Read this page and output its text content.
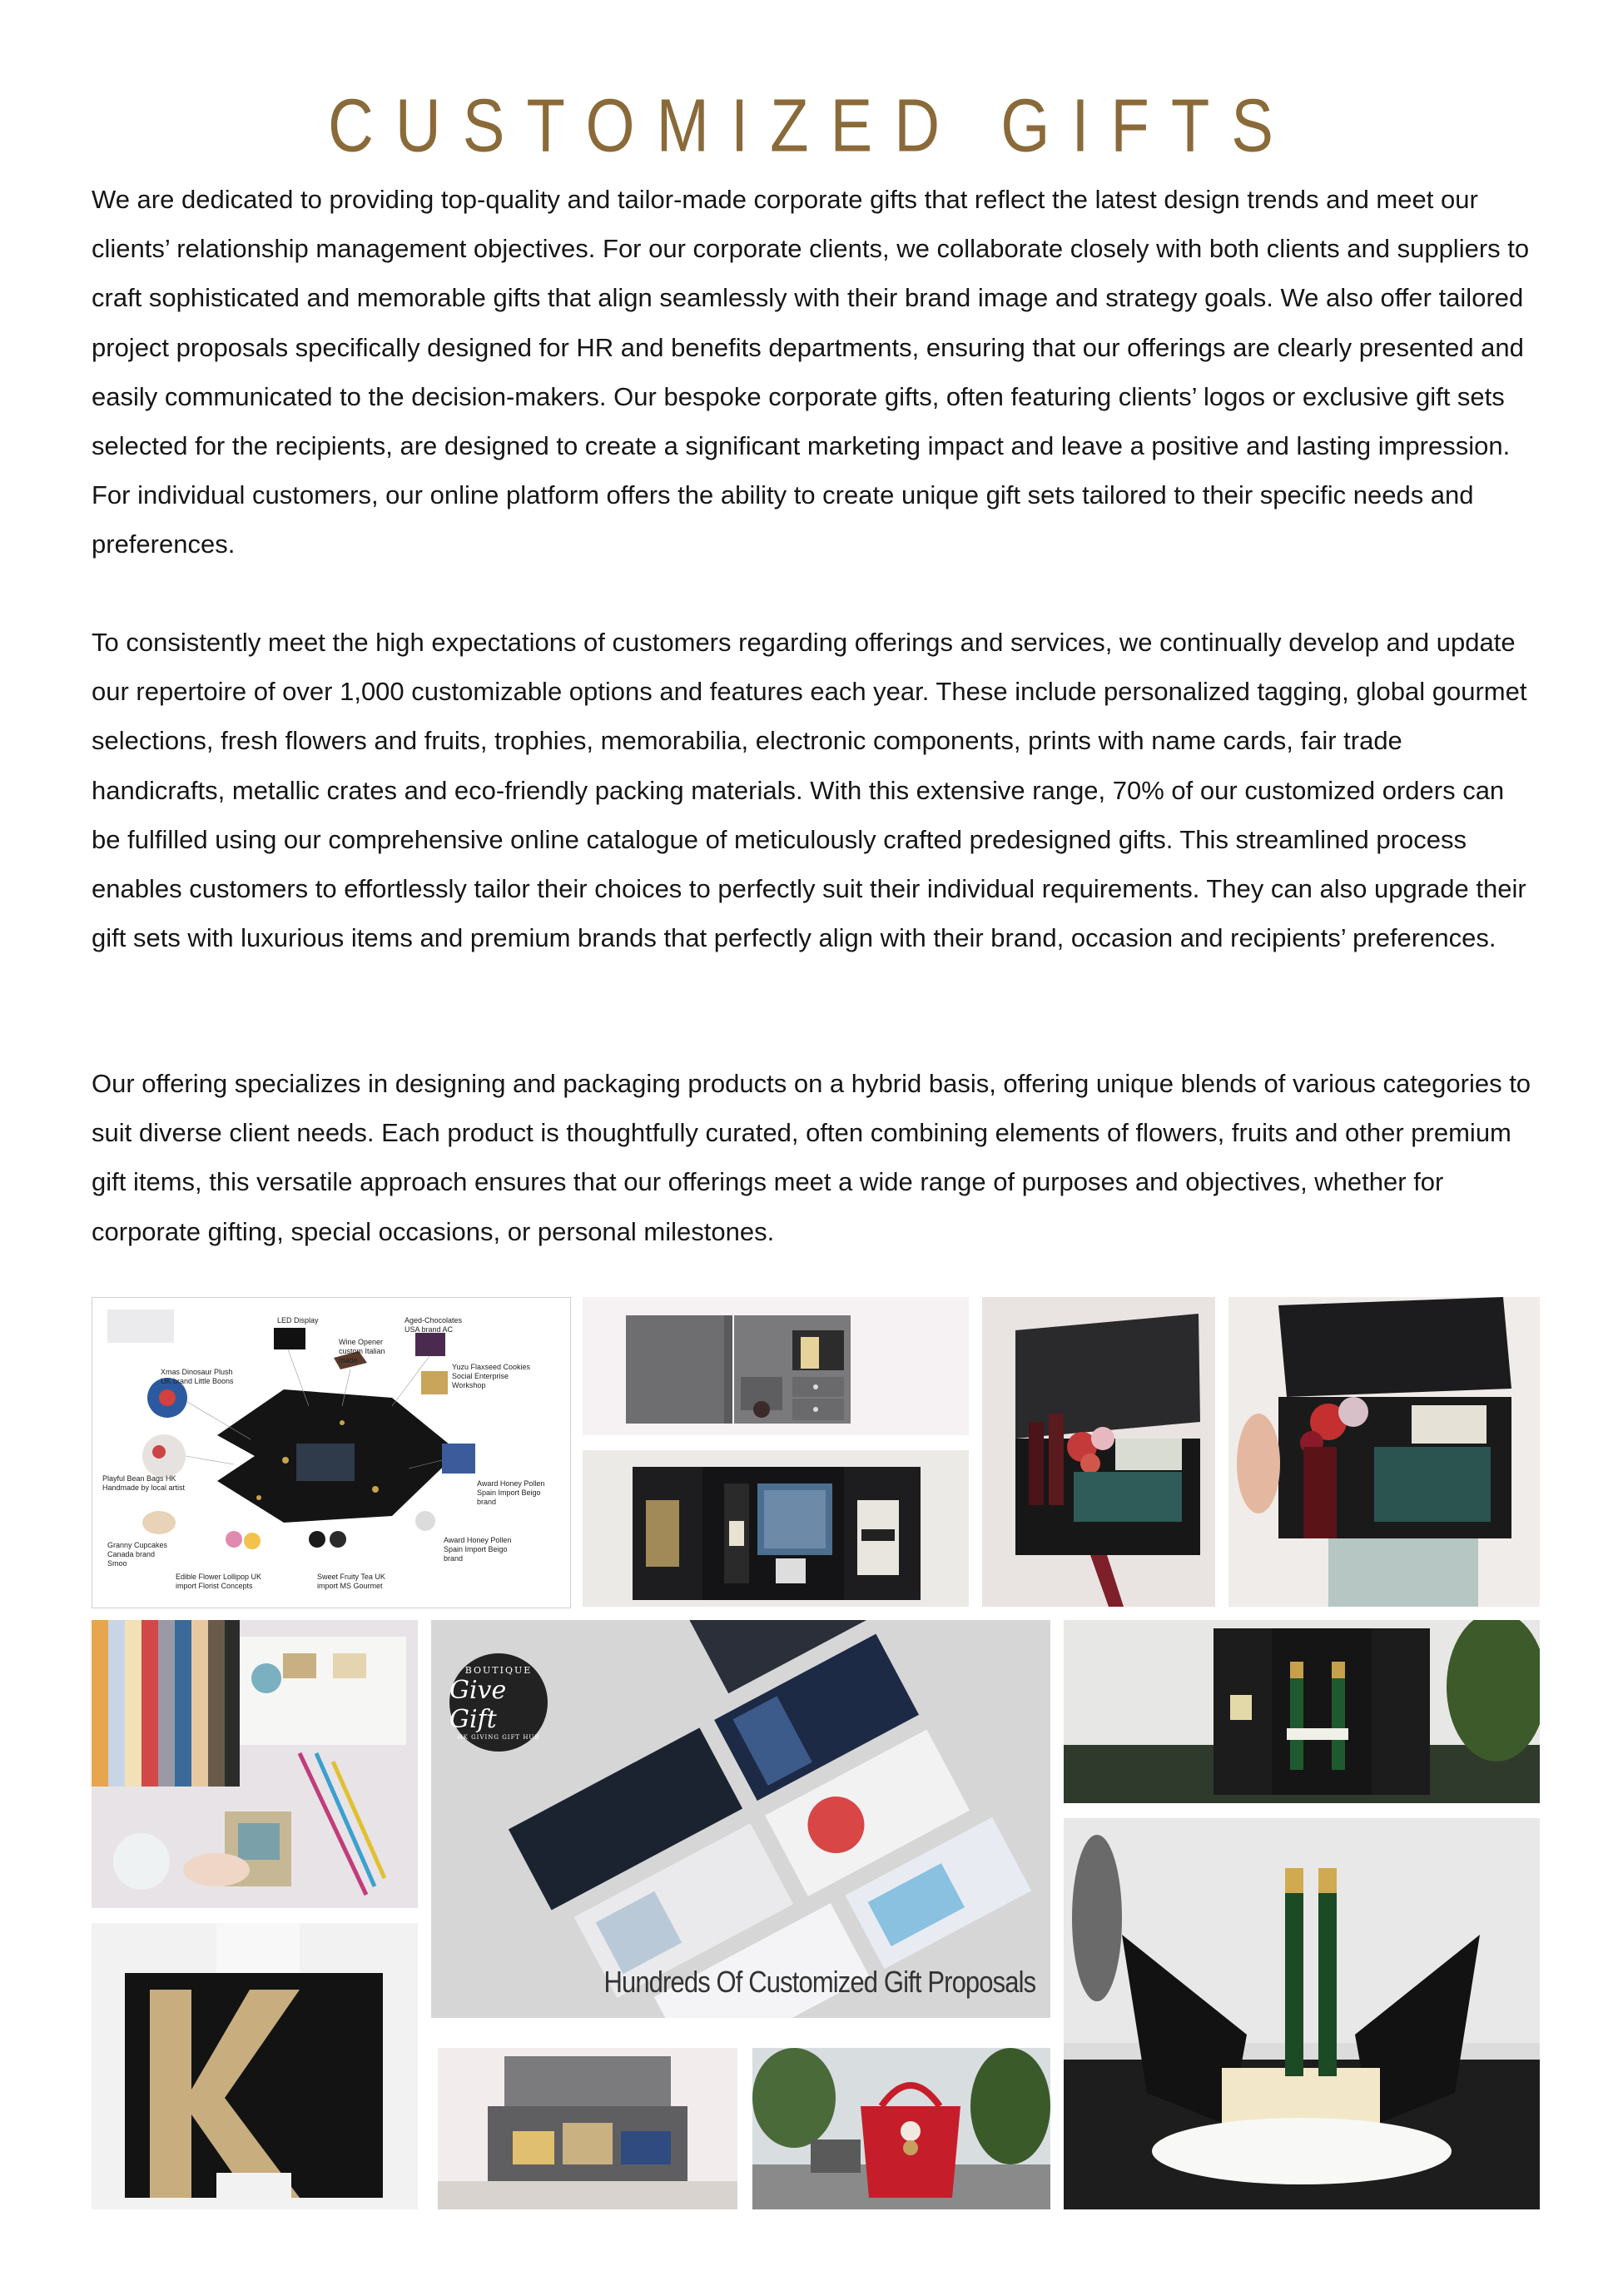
CUSTOMIZED GIFTS
We are dedicated to providing top-quality and tailor-made corporate gifts that reflect the latest design trends and meet our clients’ relationship management objectives. For our corporate clients, we collaborate closely with both clients and suppliers to craft sophisticated and memorable gifts that align seamlessly with their brand image and strategy goals. We also offer tailored project proposals specifically designed for HR and benefits departments, ensuring that our offerings are clearly presented and easily communicated to the decision-makers. Our bespoke corporate gifts, often featuring clients’ logos or exclusive gift sets selected for the recipients, are designed to create a significant marketing impact and leave a positive and lasting impression. For individual customers, our online platform offers the ability to create unique gift sets tailored to their specific needs and preferences.
To consistently meet the high expectations of customers regarding offerings and services, we continually develop and update our repertoire of over 1,000 customizable options and features each year. These include personalized tagging, global gourmet selections, fresh flowers and fruits, trophies, memorabilia, electronic components, prints with name cards, fair trade handicrafts, metallic crates and eco-friendly packing materials. With this extensive range, 70% of our customized orders can be fulfilled using our comprehensive online catalogue of meticulously crafted predesigned gifts. This streamlined process enables customers to effortlessly tailor their choices to perfectly suit their individual requirements. They can also upgrade their gift sets with luxurious items and premium brands that perfectly align with their brand, occasion and recipients’ preferences.
Our offering specializes in designing and packaging products on a hybrid basis, offering unique blends of various categories to suit diverse client needs. Each product is thoughtfully curated, often combining elements of flowers, fruits and other premium gift items, this versatile approach ensures that our offerings meet a wide range of purposes and objectives, whether for corporate gifting, special occasions, or personal milestones.
LED Display	Aged-Chocolates USA brand AC
Wine Opener custom Italian made
Yuzu Flaxseed Cookies Social Enterprise Workshop
Xmas Dinosaur Plush UK brand Little Boons
Playful Bean Bags HK Handmade by local artist	Award Honey Pollen Spain Import Beigo brand
Granny Cupcakes Canada brand Smoo
Award Honey Pollen Spain Import Beigo brand
Edible Flower Lollipop UK import Florist Concepts
Sweet Fruity Tea UK import MS Gourmet
BOUTIQUE
Give Gift
HK GIVING GIFT HUB
Hundreds Of Customized Gift Proposals
